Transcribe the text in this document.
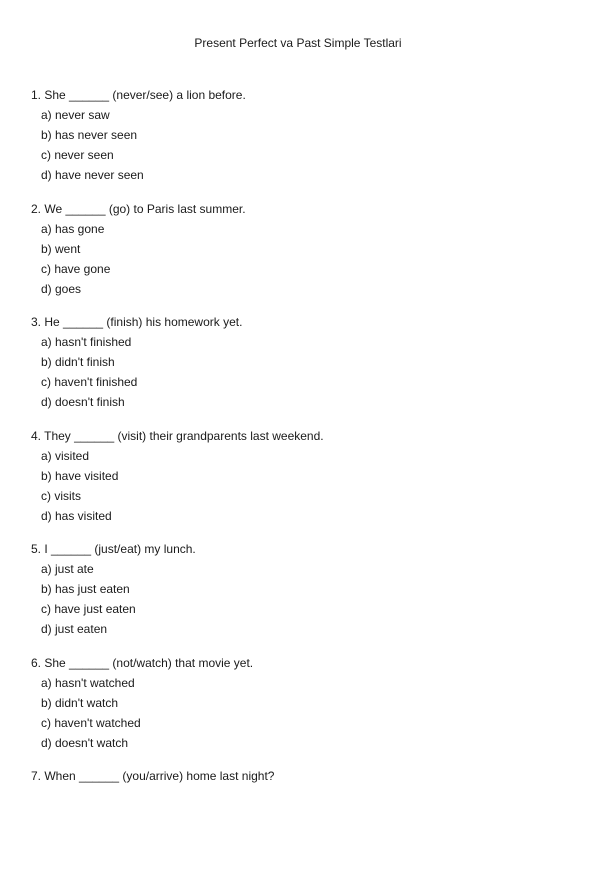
Present Perfect va Past Simple Testlari
1. She ______ (never/see) a lion before.
a) never saw
b) has never seen
c) never seen
d) have never seen
2. We ______ (go) to Paris last summer.
a) has gone
b) went
c) have gone
d) goes
3. He ______ (finish) his homework yet.
a) hasn't finished
b) didn't finish
c) haven't finished
d) doesn't finish
4. They ______ (visit) their grandparents last weekend.
a) visited
b) have visited
c) visits
d) has visited
5. I ______ (just/eat) my lunch.
a) just ate
b) has just eaten
c) have just eaten
d) just eaten
6. She ______ (not/watch) that movie yet.
a) hasn't watched
b) didn't watch
c) haven't watched
d) doesn't watch
7. When ______ (you/arrive) home last night?
